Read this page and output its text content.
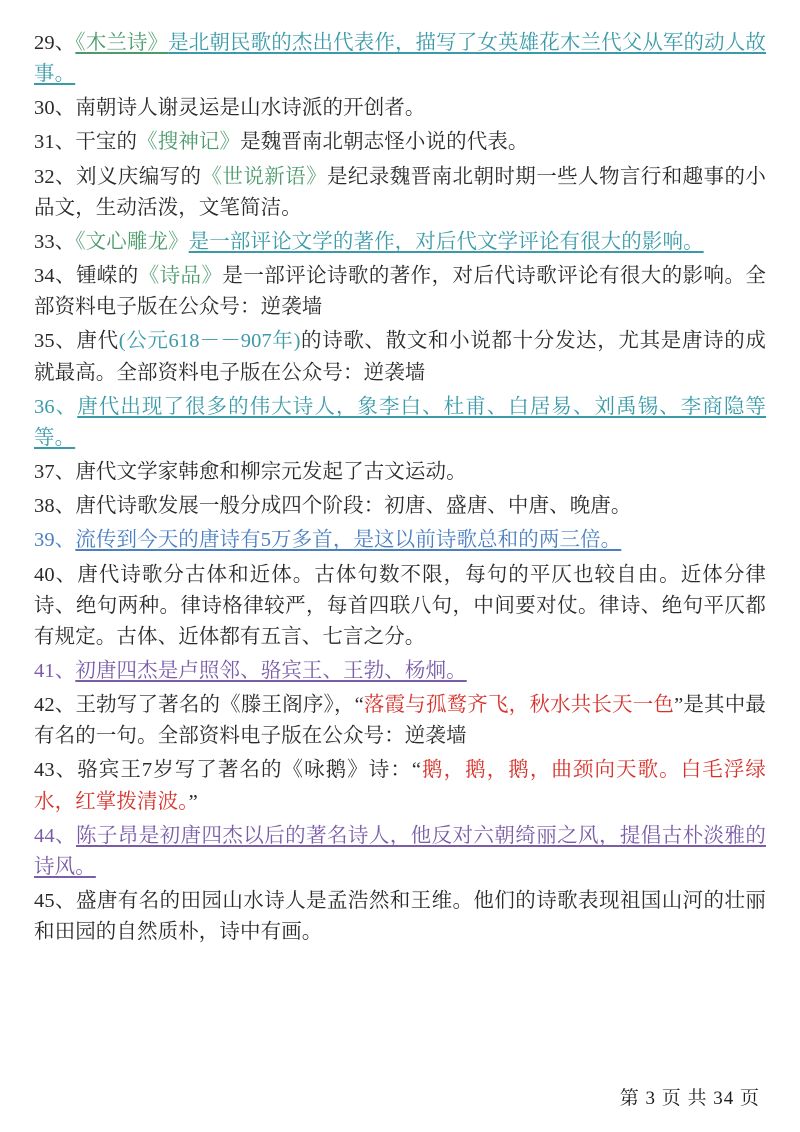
29、《木兰诗》是北朝民歌的杰出代表作，描写了女英雄花木兰代父从军的动人故事。

30、南朝诗人谢灵运是山水诗派的开创者。

31、干宝的《搜神记》是魏晋南北朝志怪小说的代表。

32、刘义庆编写的《世说新语》是纪录魏晋南北朝时期一些人物言行和趣事的小品文，生动活泼，文笔简洁。

33、《文心雕龙》是一部评论文学的著作，对后代文学评论有很大的影响。

34、锺嵘的《诗品》是一部评论诗歌的著作，对后代诗歌评论有很大的影响。全部资料电子版在公众号：逆袭墙

35、唐代(公元618－－907年)的诗歌、散文和小说都十分发达，尤其是唐诗的成就最高。全部资料电子版在公众号：逆袭墙

36、唐代出现了很多的伟大诗人，象李白、杜甫、白居易、刘禹锡、李商隐等等。

37、唐代文学家韩愈和柳宗元发起了古文运动。

38、唐代诗歌发展一般分成四个阶段：初唐、盛唐、中唐、晚唐。

39、流传到今天的唐诗有5万多首，是这以前诗歌总和的两三倍。

40、唐代诗歌分古体和近体。古体句数不限，每句的平仄也较自由。近体分律诗、绝句两种。律诗格律较严，每首四联八句，中间要对仗。律诗、绝句平仄都有规定。古体、近体都有五言、七言之分。

41、初唐四杰是卢照邻、骆宾王、王勃、杨炯。

42、王勃写了著名的《滕王阁序》，“落霞与孤鹜齐飞，秋水共长天一色”是其中最有名的一句。全部资料电子版在公众号：逆袭墙

43、骆宾王7岁写了著名的《咏鹅》诗：“鹅，鹅，鹅，曲颈向天歌。白毛浮绿水，红掌拨清波。”

44、陈子昂是初唐四杰以后的著名诗人，他反对六朝绮丽之风，提倡古朴淡雅的诗风。

45、盛唐有名的田园山水诗人是孟浩然和王维。他们的诗歌表现祖国山河的壮丽和田园的自然质朴，诗中有画。

第 3 页 共 34 页
